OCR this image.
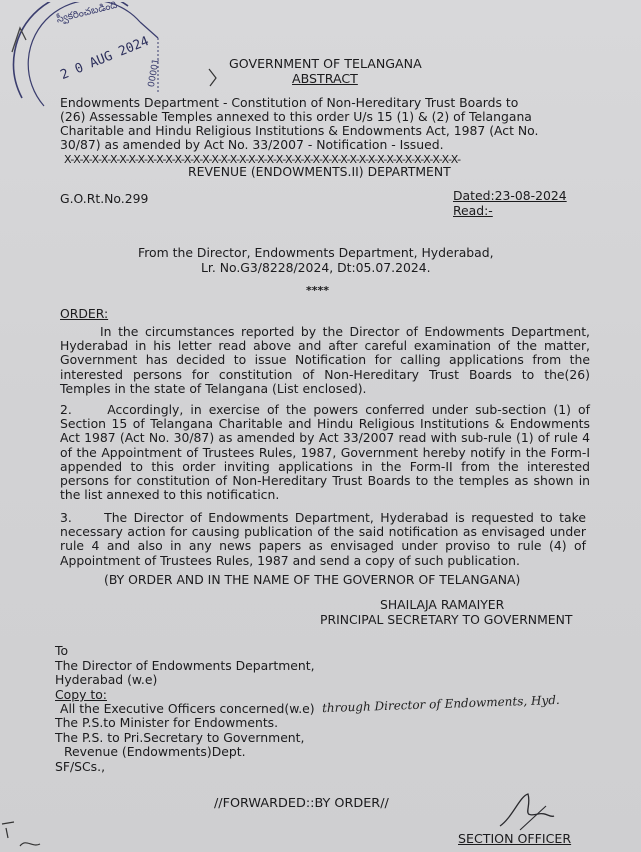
స్వీకరించబడింది
2 0 AUG 2024
00001	GOVERNMENT OF TELANGANA
ABSTRACT
Endowments Department - Constitution of Non-Hereditary Trust Boards to
(26) Assessable Temples annexed to this order U/s 15 (1) & (2) of Telangana
Charitable and Hindu Religious Institutions & Endowments Act, 1987 (Act No.
30/87) as amended by Act No. 33/2007 - Notification - Issued.
X-X-X-X-X-X-X-X-X-X-X-X-X-X-X-X-X-X-X-X-X-X-X-X-X-X-X-X-X-X-X-X-X-X-X-X-X-X-X-X-X-X-X-
REVENUE (ENDOWMENTS.II) DEPARTMENT
G.O.Rt.No.299	Dated:23-08-2024
Read:-
From the Director, Endowments Department, Hyderabad,
Lr. No.G3/8228/2024, Dt:05.07.2024.
****
ORDER:
In the circumstances reported by the Director of Endowments Department, Hyderabad in his letter read above and after careful examination of the matter, Government has decided to issue Notification for calling applications from the interested persons for constitution of Non-Hereditary Trust Boards to the(26) Temples in the state of Telangana (List enclosed).
2.	Accordingly, in exercise of the powers conferred under sub-section (1) of Section 15 of Telangana Charitable and Hindu Religious Institutions & Endowments Act 1987 (Act No. 30/87) as amended by Act 33/2007 read with sub-rule (1) of rule 4 of the Appointment of Trustees Rules, 1987, Government hereby notify in the Form-I appended to this order inviting applications in the Form-II from the interested persons for constitution of Non-Hereditary Trust Boards to the temples as shown in the list annexed to this notificaticn.
3.	The Director of Endowments Department, Hyderabad is requested to take necessary action for causing publication of the said notification as envisaged under rule 4 and also in any news papers as envisaged under proviso to rule (4) of Appointment of Trustees Rules, 1987 and send a copy of such publication.
(BY ORDER AND IN THE NAME OF THE GOVERNOR OF TELANGANA)
SHAILAJA RAMAIYER
PRINCIPAL SECRETARY TO GOVERNMENT
To
The Director of Endowments Department,
Hyderabad (w.e)
Copy to:
All the Executive Officers concerned(w.e) through Director of Endowments, Hyd.
The P.S.to Minister for Endowments.
The P.S. to Pri.Secretary to Government,
Revenue (Endowments)Dept.
SF/SCs.,
//FORWARDED::BY ORDER//
SECTION OFFICER
